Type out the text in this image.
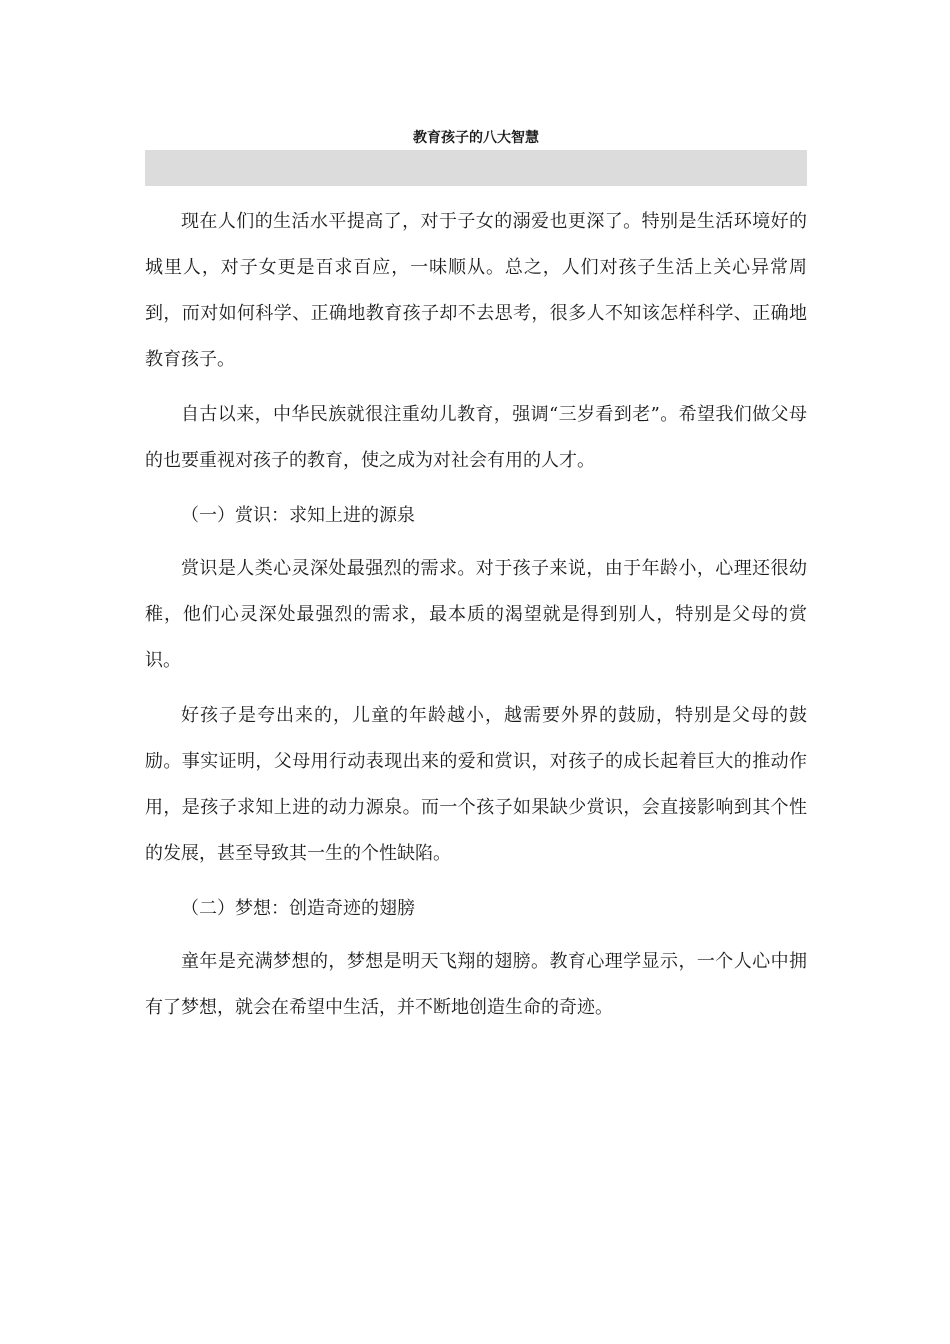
教育孩子的八大智慧

现在人们的生活水平提高了，对于子女的溺爱也更深了。特别是生活环境好的城里人，对子女更是百求百应，一味顺从。总之，人们对孩子生活上关心异常周到，而对如何科学、正确地教育孩子却不去思考，很多人不知该怎样科学、正确地教育孩子。

自古以来，中华民族就很注重幼儿教育，强调“三岁看到老”。希望我们做父母的也要重视对孩子的教育，使之成为对社会有用的人才。

（一）赏识：求知上进的源泉

赏识是人类心灵深处最强烈的需求。对于孩子来说，由于年龄小，心理还很幼稚，他们心灵深处最强烈的需求，最本质的渴望就是得到别人，特别是父母的赏识。

好孩子是夸出来的，儿童的年龄越小，越需要外界的鼓励，特别是父母的鼓励。事实证明，父母用行动表现出来的爱和赏识，对孩子的成长起着巨大的推动作用，是孩子求知上进的动力源泉。而一个孩子如果缺少赏识，会直接影响到其个性的发展，甚至导致其一生的个性缺陷。

（二）梦想：创造奇迹的翅膀

童年是充满梦想的，梦想是明天飞翔的翅膀。教育心理学显示，一个人心中拥有了梦想，就会在希望中生活，并不断地创造生命的奇迹。
